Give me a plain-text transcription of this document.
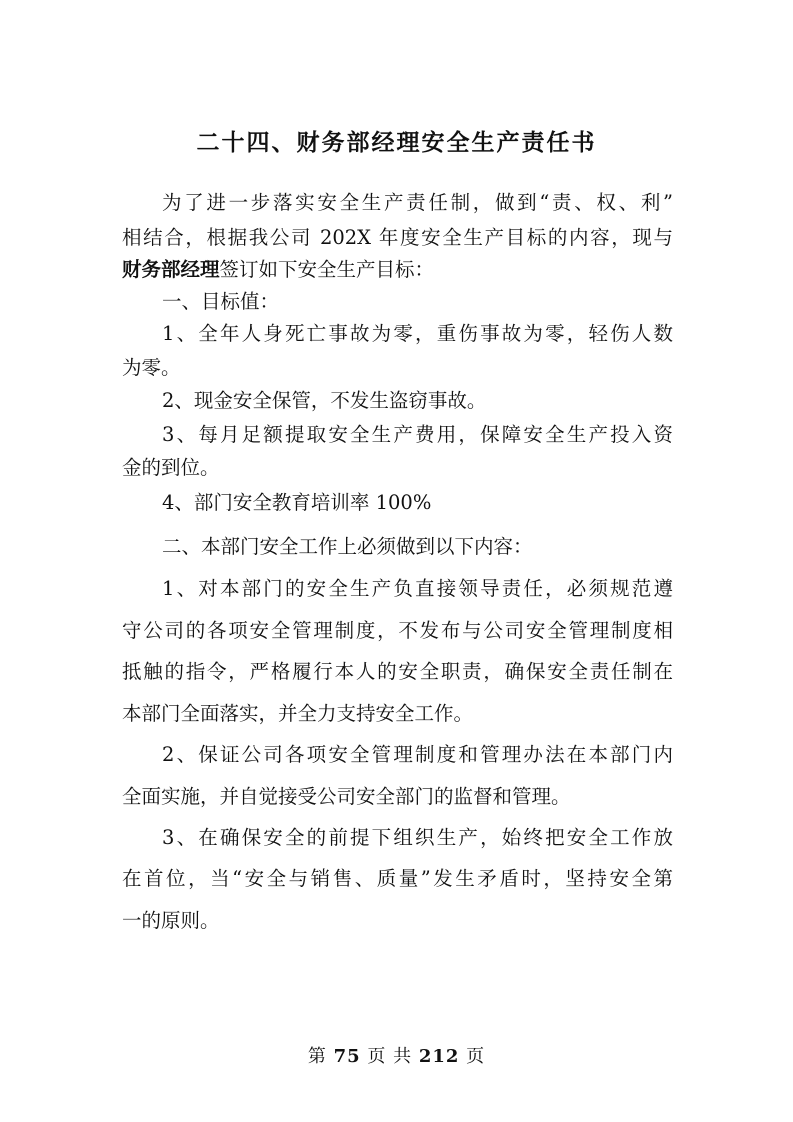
二十四、财务部经理安全生产责任书
为了进一步落实安全生产责任制，做到“责、权、利”
相结合，根据我公司 202X 年度安全生产目标的内容，现与
财务部经理签订如下安全生产目标：
一、目标值：
1、全年人身死亡事故为零，重伤事故为零，轻伤人数
为零。
2、现金安全保管，不发生盗窃事故。
3、每月足额提取安全生产费用，保障安全生产投入资
金的到位。
4、部门安全教育培训率 100%
二、本部门安全工作上必须做到以下内容：
1、对本部门的安全生产负直接领导责任，必须规范遵
守公司的各项安全管理制度，不发布与公司安全管理制度相
抵触的指令，严格履行本人的安全职责，确保安全责任制在
本部门全面落实，并全力支持安全工作。
2、保证公司各项安全管理制度和管理办法在本部门内
全面实施，并自觉接受公司安全部门的监督和管理。
3、在确保安全的前提下组织生产，始终把安全工作放
在首位，当“安全与销售、质量”发生矛盾时，坚持安全第
一的原则。
第 75 页 共 212 页
